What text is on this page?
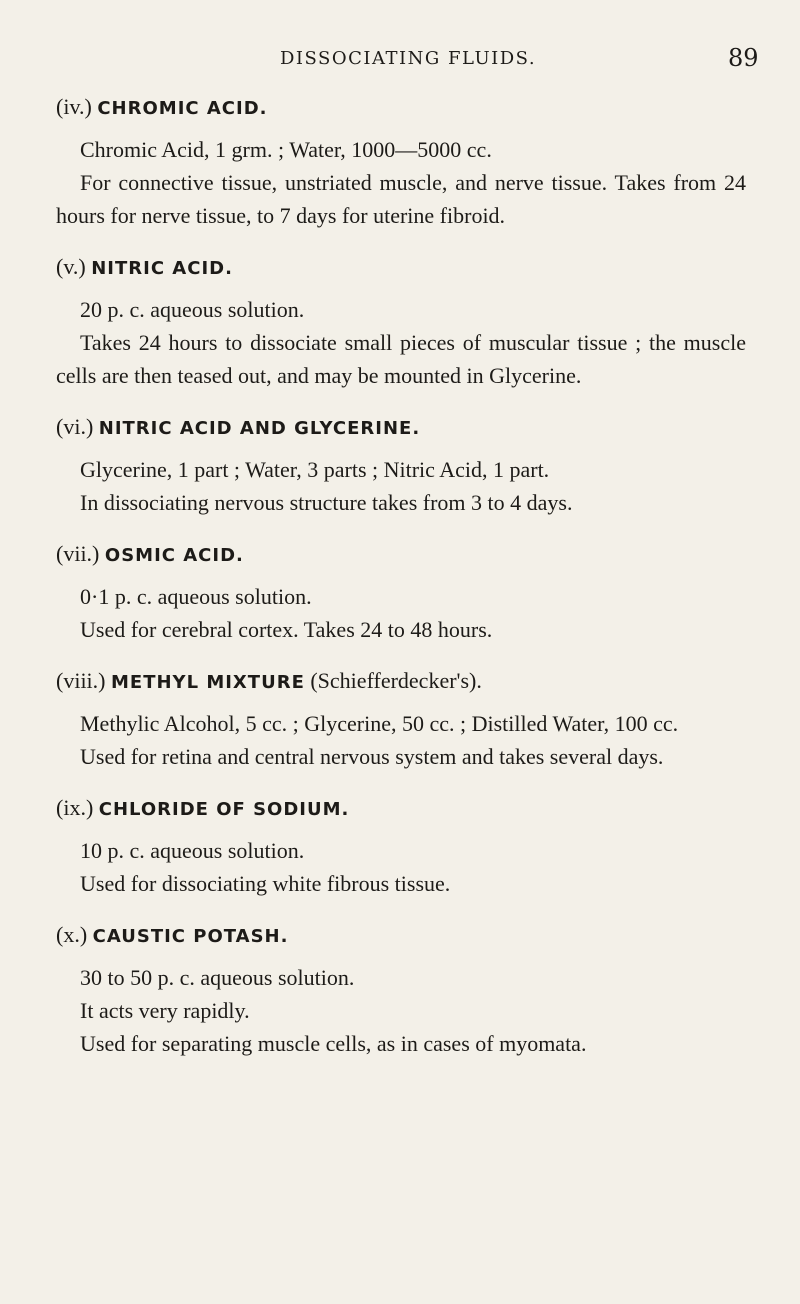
DISSOCIATING FLUIDS.	89
(iv.) CHROMIC ACID.

Chromic Acid, 1 grm. ; Water, 1000—5000 cc.

For connective tissue, unstriated muscle, and nerve tissue. Takes from 24 hours for nerve tissue, to 7 days for uterine fibroid.

(v.) NITRIC ACID.

20 p. c. aqueous solution.

Takes 24 hours to dissociate small pieces of muscular tissue ; the muscle cells are then teased out, and may be mounted in Glycerine.

(vi.) NITRIC ACID AND GLYCERINE.

Glycerine, 1 part ; Water, 3 parts ; Nitric Acid, 1 part.

In dissociating nervous structure takes from 3 to 4 days.

(vii.) OSMIC ACID.

0·1 p. c. aqueous solution.

Used for cerebral cortex. Takes 24 to 48 hours.

(viii.) METHYL MIXTURE (Schiefferdecker's).

Methylic Alcohol, 5 cc. ; Glycerine, 50 cc. ; Distilled Water, 100 cc.

Used for retina and central nervous system and takes several days.

(ix.) CHLORIDE OF SODIUM.

10 p. c. aqueous solution.

Used for dissociating white fibrous tissue.

(x.) CAUSTIC POTASH.

30 to 50 p. c. aqueous solution.

It acts very rapidly.

Used for separating muscle cells, as in cases of myomata.
